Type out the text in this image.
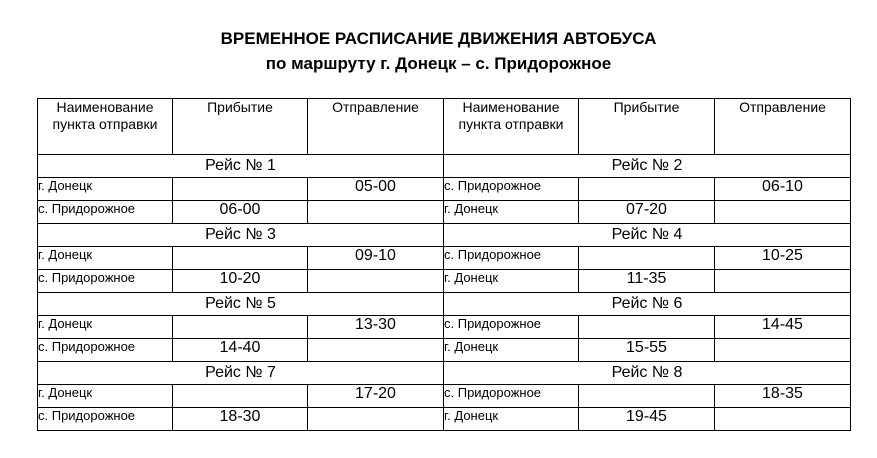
ВРЕМЕННОЕ РАСПИСАНИЕ ДВИЖЕНИЯ АВТОБУСА
по маршруту г. Донецк – с. Придорожное
Наименование пункта отправки	Прибытие	Отправление	Наименование пункта отправки	Прибытие	Отправление
Рейс № 1			Рейс № 2		
г. Донецк		05-00	с. Придорожное		06-10
с. Придорожное	06-00		г. Донецк	07-20	
Рейс № 3			Рейс № 4		
г. Донецк		09-10	с. Придорожное		10-25
с. Придорожное	10-20		г. Донецк	11-35	
Рейс № 5			Рейс № 6		
г. Донецк		13-30	с. Придорожное		14-45
с. Придорожное	14-40		г. Донецк	15-55	
Рейс № 7			Рейс № 8		
г. Донецк		17-20	с. Придорожное		18-35
с. Придорожное	18-30		г. Донецк	19-45	
